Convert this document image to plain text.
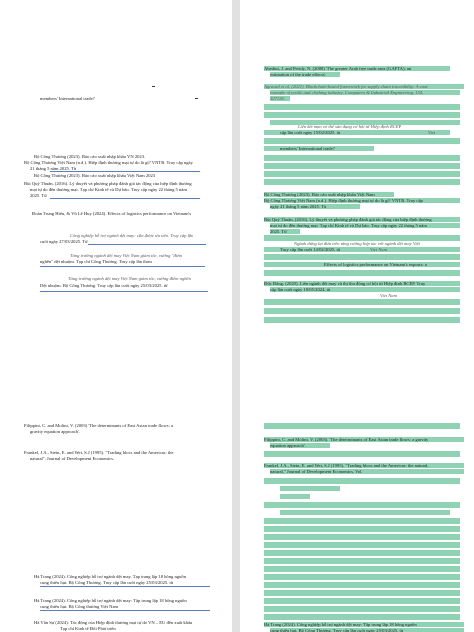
members' International trade?
Bộ Công Thương (2023). Báo cáo xuất nhập khẩu VN 2023.
Bộ Công Thương Việt Nam (n.d.). Hiệp định thương mại tự do là gì? VNTR. Truy cập ngày
21 tháng 5 năm 2025. Từ
Bộ Công Thương (2023). Báo cáo xuất nhập khẩu Việt Nam 2023
Bùi Quý Thuấn, (2016). Lý thuyết và phương pháp đánh giá tác động của hiệp định thương
mại tự do đến thương mại. Tạp chí Kinh tế và Dự báo. Truy cập ngày 22 tháng 5 năm
2025. Từ
Đoàn Trung Hiếu, & Vũ Lê Huy (2024). Effects of logistics performance on Vietnam's
Công nghiệp hỗ trợ ngành dệt may: cần được ưu tiên. Truy cập lần
cuối ngày 27/03/2025. Từ
Tăng trưởng ngành dệt may Việt Nam giảm tốc, vướng "điểm
nghẽn" dệt nhuộm. Tạp chí Công Thương. Truy cập lần thrm
Tăng trưởng ngành dệt may Việt Nam giảm tốc, vướng điểm nghẽn
Dệt nhuộm. Bộ Công Thương. Truy cập lần cuối ngày 25/03/2025. từ
Filippini, C. and Molini, V. (2003) 'The determinants of East Asian trade flows: a
gravity equation approach'.
Frankel, J.A., Stein, E. and Wei, S.J (1995). "Trading blocs and the Americas: the
natural", Journal of Development Economics.
Hà Trang (2024). Công nghiệp hỗ trợ ngành dệt may. Tạp trang lập 18 hồng nguồn
cung thiếu hụt. Bộ Công Thương. Truy cập lần cuối ngày 25/03/2025. từ
Hà Trang (2024). Công nghiệp hỗ trợ ngành dệt may: Tập trung lập 18 hồng nguồn
cung thiếu hụt. Bộ Công thương Việt Nam
Hà Vân Sự (2024). Tác động của Hiệp định thương mại tự do VN – EU đến xuất khẩu
Tạp chí Kinh tế Đối Phát triển
Abedini, J. and Peridy, N. (2008) 'The greater Arab free trade area (GAFTA): an
estimation of the trade effects'.
Agrawal et al. (2021). Blockchain-based framework for supply chain traceability: A case
example of textile and clothing industry. Computers & Industrial Engineering, 154,
107130.
Liên kết mạo vỏ thế sản dụng cơ hội từ Hiệp định RCEP
cập lần cuối ngày 15/02/2025. từ	Viet
members' International trade?
Bộ Công Thương (2023). Báo cáo xuất nhập khẩu Việt Nam
Bộ Công Thương Việt Nam (n.d.). Hiệp định thương mại tự do là gì? VNTR. Truy cập
ngày 21 tháng 5 năm 2025. Từ
Bùi Quý Thuấn, (2016). Lý thuyết và phương pháp đánh giá tác động của hiệp định thương
mại tự do đến thương mại. Tạp chí Kinh tế và Dự báo. Truy cập ngày 22 tháng 5 năm
2025. Từ
Ngành dừng lại đưa trên tăng cường hợp tác với ngành dệt may Việt
Truy cập lần cuối 14/02/2025, từ	Viet Nam
Effects of logistics performance on Vietnam's exports: a
Đức Đăng. (2020). Liên ngành dệt may và thị thu động cơ hội từ Hiệp định RCEP. Truy
cập lần cuối ngày 10/05/2024, từ
Viet Nam
Filippini, C. and Molini, V. (2003). 'The determinants of East Asian trade flows: a gravity
equation approach'.
Frankel, J.A., Stein, E. and Wei, S.J (1995). "Trading blocs and the Americas: the natural,
natural," Journal of Development Economics, Vol.
Hà Trang (2024). Công nghiệp hỗ trợ ngành dệt may: Tập trung lập 18 hồng nguồn
cung thiếu hụt. Bộ Công Thương. Truy cập lần cuối ngày 25/03/2025. từ
